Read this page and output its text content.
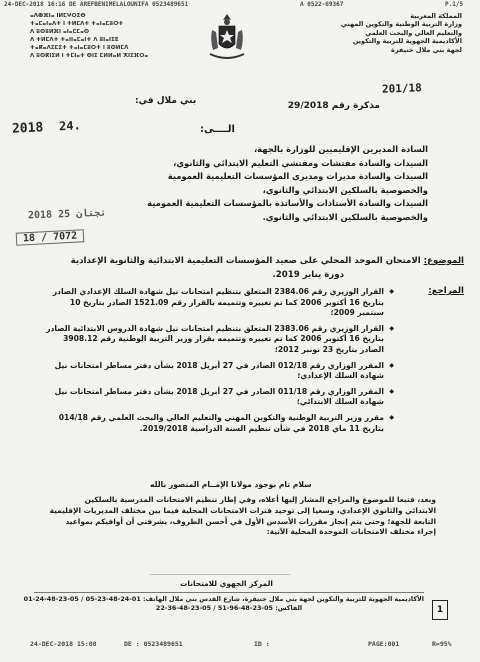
24-DEC-2018 16:16 DE AREFBENIMELALOUNIFA 0523489651	A 0522-69367	P.1/5
ⴰⴷⴲⴼⵏⴰ ⵏⵍⵎⵖⵔⵉⴱ
ⵜⴰⵎⴰⵏⴰⴷⵜ ⵏ ⵜⵍⵎⴷⵜ ⵜⴰⵏⴰⵎⵓⵔⵜ
ⴷ ⵓⵙⵓⵍⴼⵏ ⴰⵏⴰⵎⵎⴰⵙ
ⴷ ⵜⵍⵎⴷⵜ ⵜⴰⵏⵏⴰⵎⴰⵏⵜ ⴷ ⵓⵏⴰⵏⵉⴹ
ⵜⴰⴽⴰⴷⵉⵎⵉⵜ ⵜⴰⵏⴰⵎⵓⵔⵜ ⵏ ⵓⵙⵍⵎⴷ
ⴷ ⵓⵙⴽⵏⵉⵍ ⵏ ⵜⵎⵏⴰⵜ ⴱⵏⵉ ⵎⵍⵍⴰⵍ ⵅⵏⵉⴼⵔⴰ
المملكة المغربية
وزارة التربية الوطنية والتكوين المهني
والتعليم العالي والبحث العلمي
الأكاديمية الجهوية للتربية والتكوين
لجهة بني ملال خنيفرة
201/18
2018 24.
بني ملال في:	مذكرة رقم 29/2018
الــــى:

السادة المديرين الإقليميين للوزارة بالجهة،

السيدات والسادة مفتشات ومفتشي التعليم الابتدائي والثانوي،

السيدات والسادة مديرات ومديري المؤسسات التعليمية العمومية

والخصوصية بالسلكين الابتدائي والثانوي،

السيدات والسادة الأستاذات والأساتذة بالمؤسسات التعليمية العمومية

والخصوصية بالسلكين الابتدائي والثانوي.

2018 نجنان 25
18 / 7072
الموضوع: الامتحان الموحد المحلي على صعيد المؤسسات التعليمية الابتدائية والثانوية الإعدادية
دورة يناير 2019.
المراجع:
◆ القرار الوزيري رقم 2384.06 المتعلق بتنظيم امتحانات نيل شهادة السلك الإعدادي الصادر
بتاريخ 16 أكتوبر 2006 كما تم تغييره وتتميمه بالقرار رقم 1521.09 الصادر بتاريخ 10
سبتمبر 2009؛
◆ القرار الوزيري رقم 2383.06 المتعلق بتنظيم امتحانات نيل شهادة الدروس الابتدائية الصادر
بتاريخ 16 أكتوبر 2006 كما تم تغييره وتتميمه بقرار وزير التربية الوطنية رقم 3908.12
الصادر بتاريخ 23 نونبر 2012؛
◆ المقرر الوزاري رقم 012/18 الصادر في 27 أبريل 2018 بشأن دفتر مساطر امتحانات نيل
شهادة السلك الإعدادي؛
◆ المقرر الوزاري رقم 011/18 الصادر في 27 أبريل 2018 بشأن دفتر مساطر امتحانات نيل
شهادة السلك الابتدائي؛
◆ مقرر وزير التربية الوطنية والتكوين المهني والتعليم العالي والبحث العلمي رقم 014/18
بتاريخ 11 ماي 2018 في شأن تنظيم السنة الدراسية 2019/2018.
سلام تام بوجود مولانا الإمــام المنصور بالله
وبعد، فتبعا للموضوع والمراجع المشار إليها أعلاه، وفي إطار تنظيم الامتحانات المدرسية بالسلكين
الابتدائي والثانوي الإعدادي، وسعيا إلى توحيد فترات الامتحانات المحلية فيما بين مختلف المديريات الإقليمية
التابعة للجهة؛ وحتى يتم إنجاز مقررات الأسدس الأول في أحسن الظروف، يشرفني أن أوافيكم بمواعيد
إجراء مختلف الامتحانات الموحدة المحلية الآتية:
المركز الجهوي للامتحانات
الأكاديمية الجهوية للتربية والتكوين لجهة بني ملال خنيفرة، شارع القدس بني ملال الهاتف: 01-24-48-23-05 / 05-23-48-24-01
الفاكس: 05-23-48-96-51 / 05-23-48-36-22	1
24-DEC-2018 15:08	DE : 0523489651	ID :	PAGE:001	R=95%
